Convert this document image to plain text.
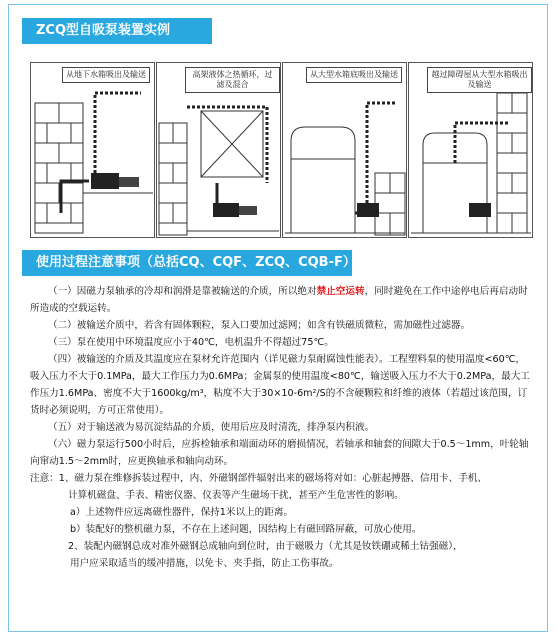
ZCQ型自吸泵装置实例
从地下水箱吸出及输送	高架液体之热循环，过滤及混合
从大型水箱底吸出及输送	越过障碍屋从大型水箱吸出及输送
使用过程注意事项（总括CQ、CQF、ZCQ、CQB-F）

（一）因磁力泵轴承的冷却和润滑是靠被输送的介质，所以绝对禁止空运转，同时避免在工作中途停电后再启动时所造成的空载运转。

（二）被输送介质中，若含有固体颗粒，泵入口要加过滤网；如含有铁磁质微粒，需加磁性过滤器。

（三）泵在使用中环境温度应小于40℃，电机温升不得超过75℃。

（四）被输送的介质及其温度应在泵材允许范围内（详见磁力泵耐腐蚀性能表）。工程塑料泵的使用温度<60℃，吸入压力不大于0.1MPa，最大工作压力为0.6MPa；金属泵的使用温度<80℃，输送吸入压力不大于0.2MPa，最大工作压力1.6MPa、密度不大于1600kg/m³，粘度不大于30×10-6m²/S的不含硬颗粒和纤维的液体（若超过该范围，订货时必须说明，方可正常使用）。

（五）对于输送液为易沉淀结晶的介质，使用后应及时清洗，排净泵内积液。

（六）磁力泵运行500小时后，应拆检轴承和端面动环的磨损情况，若轴承和轴套的间隙大于0.5～1mm，叶轮轴向窜动1.5～2mm时，应更换轴承和轴向动环。

注意：1、磁力泵在维修拆装过程中，内、外磁钢部件辐射出来的磁场将对如：心脏起搏器、信用卡、手机、

计算机磁盘、手表、精密仪器、仪表等产生磁场干扰，甚至产生危害性的影响。

a）上述物件应远离磁性器件，保持1米以上的距离。

b）装配好的整机磁力泵，不存在上述问题，因结构上有磁回路屏蔽，可放心使用。

2、装配内磁钢总成对准外磁钢总成轴向到位时，由于磁吸力（尤其是钕铁硼或稀土钴强磁），

用户应采取适当的缓冲措施，以免卡、夹手指，防止工伤事故。
